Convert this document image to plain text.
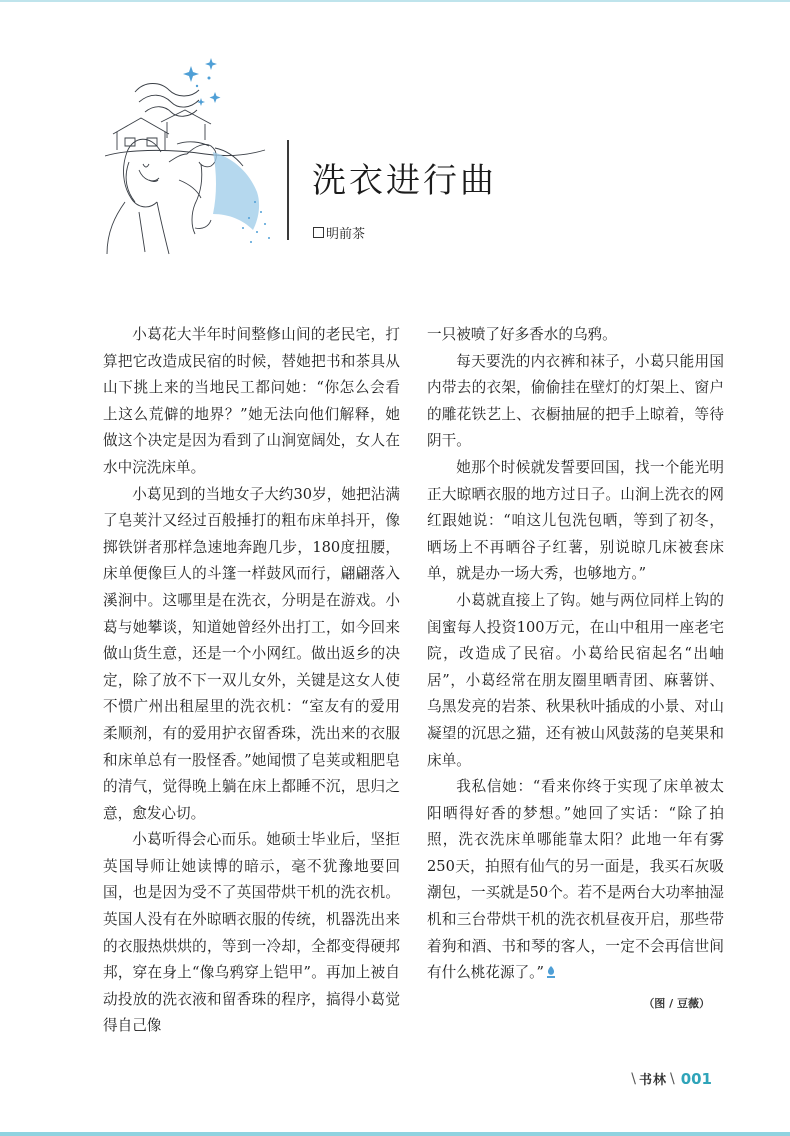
洗衣进行曲
明前茶

小葛花大半年时间整修山间的老民宅，打算把它改造成民宿的时候，替她把书和茶具从山下挑上来的当地民工都问她：“你怎么会看上这么荒僻的地界？”她无法向他们解释，她做这个决定是因为看到了山涧宽阔处，女人在水中浣洗床单。

小葛见到的当地女子大约30岁，她把沾满了皂荚汁又经过百般捶打的粗布床单抖开，像掷铁饼者那样急速地奔跑几步，180度扭腰，床单便像巨人的斗篷一样鼓风而行，翩翩落入溪涧中。这哪里是在洗衣，分明是在游戏。小葛与她攀谈，知道她曾经外出打工，如今回来做山货生意，还是一个小网红。做出返乡的决定，除了放不下一双儿女外，关键是这女人使不惯广州出租屋里的洗衣机：“室友有的爱用柔顺剂，有的爱用护衣留香珠，洗出来的衣服和床单总有一股怪香。”她闻惯了皂荚或粗肥皂的清气，觉得晚上躺在床上都睡不沉，思归之意，愈发心切。

小葛听得会心而乐。她硕士毕业后，坚拒英国导师让她读博的暗示，毫不犹豫地要回国，也是因为受不了英国带烘干机的洗衣机。英国人没有在外晾晒衣服的传统，机器洗出来的衣服热烘烘的，等到一冷却，全都变得硬邦邦，穿在身上“像乌鸦穿上铠甲”。再加上被自动投放的洗衣液和留香珠的程序，搞得小葛觉得自己像

一只被喷了好多香水的乌鸦。

每天要洗的内衣裤和袜子，小葛只能用国内带去的衣架，偷偷挂在壁灯的灯架上、窗户的雕花铁艺上、衣橱抽屉的把手上晾着，等待阴干。

她那个时候就发誓要回国，找一个能光明正大晾晒衣服的地方过日子。山涧上洗衣的网红跟她说：“咱这儿包洗包晒，等到了初冬，晒场上不再晒谷子红薯，别说晾几床被套床单，就是办一场大秀，也够地方。”

小葛就直接上了钩。她与两位同样上钩的闺蜜每人投资100万元，在山中租用一座老宅院，改造成了民宿。小葛给民宿起名“出岫居”，小葛经常在朋友圈里晒青团、麻薯饼、乌黑发亮的岩茶、秋果秋叶插成的小景、对山凝望的沉思之猫，还有被山风鼓荡的皂荚果和床单。

我私信她：“看来你终于实现了床单被太阳晒得好香的梦想。”她回了实话：“除了拍照，洗衣洗床单哪能靠太阳？此地一年有雾250天，拍照有仙气的另一面是，我买石灰吸潮包，一买就是50个。若不是两台大功率抽湿机和三台带烘干机的洗衣机昼夜开启，那些带着狗和酒、书和琴的客人，一定不会再信世间有什么桃花源了。”

（图 / 豆薇）
\ 书林 \ 001
